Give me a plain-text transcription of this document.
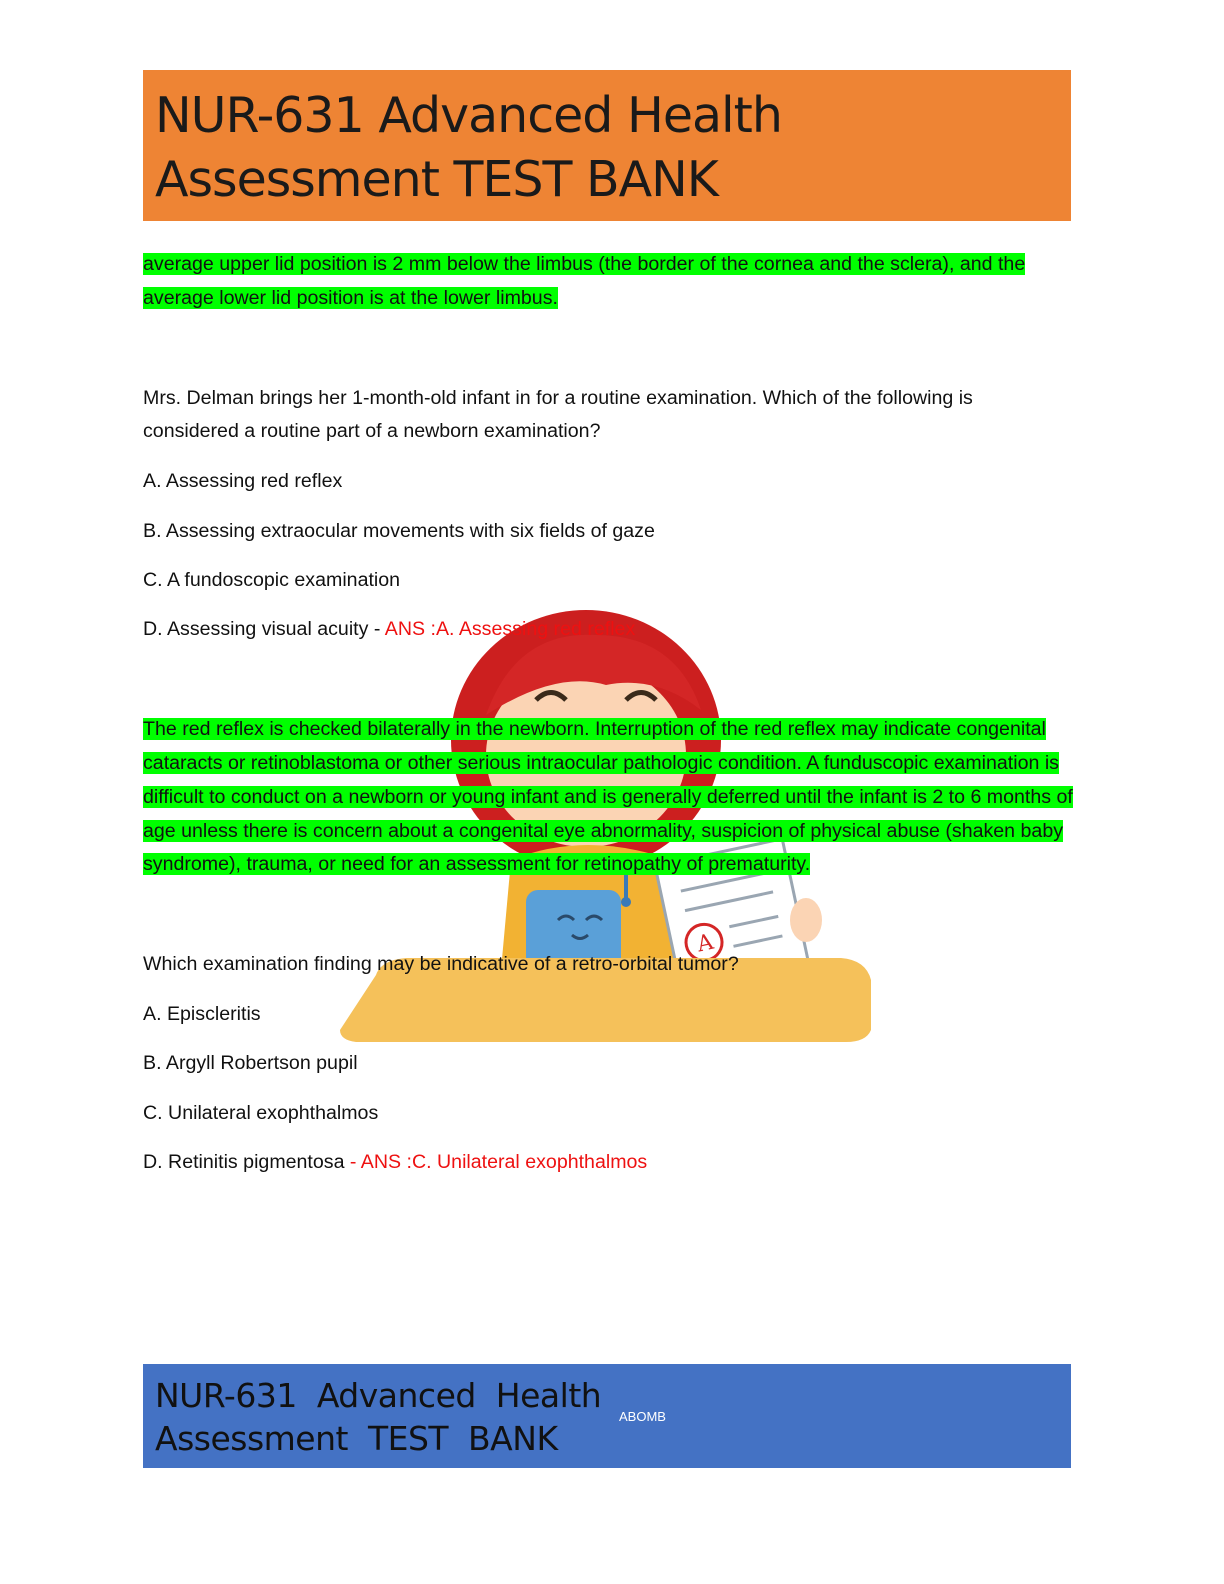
NUR-631 Advanced Health Assessment TEST BANK
A

average upper lid position is 2 mm below the limbus (the border of the cornea and the sclera), and the average lower lid position is at the lower limbus.

Mrs. Delman brings her 1-month-old infant in for a routine examination. Which of the following is considered a routine part of a newborn examination?

A. Assessing red reflex

B. Assessing extraocular movements with six fields of gaze

C. A fundoscopic examination

D. Assessing visual acuity - ANS :A. Assessing red reflex

The red reflex is checked bilaterally in the newborn. Interruption of the red reflex may indicate congenital cataracts or retinoblastoma or other serious intraocular pathologic condition. A funduscopic examination is difficult to conduct on a newborn or young infant and is generally deferred until the infant is 2 to 6 months of age unless there is concern about a congenital eye abnormality, suspicion of physical abuse (shaken baby syndrome), trauma, or need for an assessment for retinopathy of prematurity.

Which examination finding may be indicative of a retro-orbital tumor?

A. Episcleritis

B. Argyll Robertson pupil

C. Unilateral exophthalmos

D. Retinitis pigmentosa - ANS :C. Unilateral exophthalmos

NUR-631 Advanced Health Assessment TEST BANK

ABOMB
